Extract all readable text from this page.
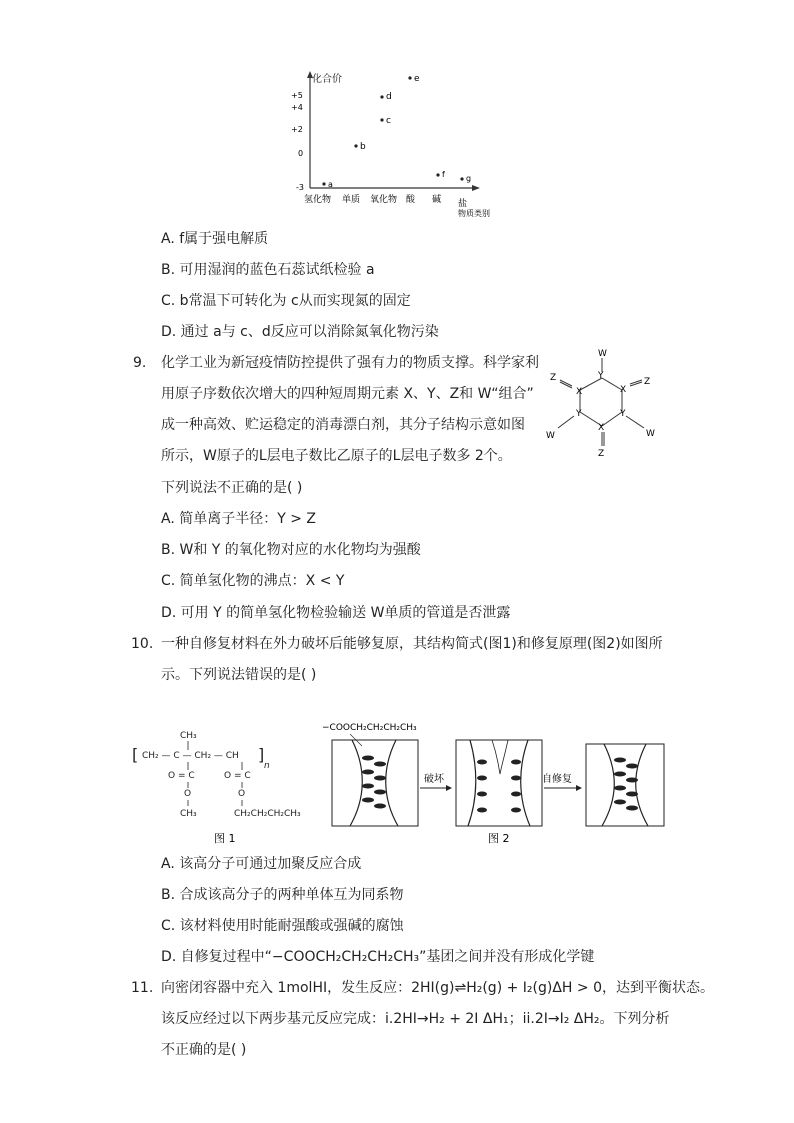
化合价
+5
+4
+2
0
-3	a
b
c
d
e
f	g
氢化物 单质 氧化物 酸 碱 盐
物质类别
A. f属于强电解质
B. 可用湿润的蓝色石蕊试纸检验 a
C. b常温下可转化为 c从而实现氮的固定
D. 通过 a与 c、d反应可以消除氮氧化物污染
9. 化学工业为新冠疫情防控提供了强有力的物质支撑。科学家利
用原子序数依次增大的四种短周期元素 X、Y、Z和 W“组合”
成一种高效、贮运稳定的消毒漂白剂，其分子结构示意如图
所示，W原子的L层电子数比乙原子的L层电子数多 2个。
下列说法不正确的是( )
W
Y
X
Z
Y
X
Z
W
Y
X
Z
W
A. 简单离子半径：Y > Z
B. W和 Y 的氧化物对应的水化物均为强酸
C. 简单氢化物的沸点：X < Y
D. 可用 Y 的简单氢化物检验输送 W单质的管道是否泄露
10. 一种自修复材料在外力破坏后能够复原，其结构简式(图1)和修复原理(图2)如图所
示。下列说法错误的是( )
[
CH₃
CH₂ — C — CH₂ — CH ]
n
O = C	O = C
O	O
CH₃	CH₂CH₂CH₂CH₃
图 1
−COOCH₂CH₂CH₂CH₃
破坏	自修复
图 2
A. 该高分子可通过加聚反应合成
B. 合成该高分子的两种单体互为同系物
C. 该材料使用时能耐强酸或强碱的腐蚀
D. 自修复过程中“−COOCH₂CH₂CH₂CH₃”基团之间并没有形成化学键
11. 向密闭容器中充入 1molHI，发生反应：2HI(g)⇌H₂(g) + I₂(g)ΔH > 0，达到平衡状态。
该反应经过以下两步基元反应完成：i.2HI→H₂ + 2I ΔH₁；ii.2I→I₂ ΔH₂。下列分析
不正确的是( )
